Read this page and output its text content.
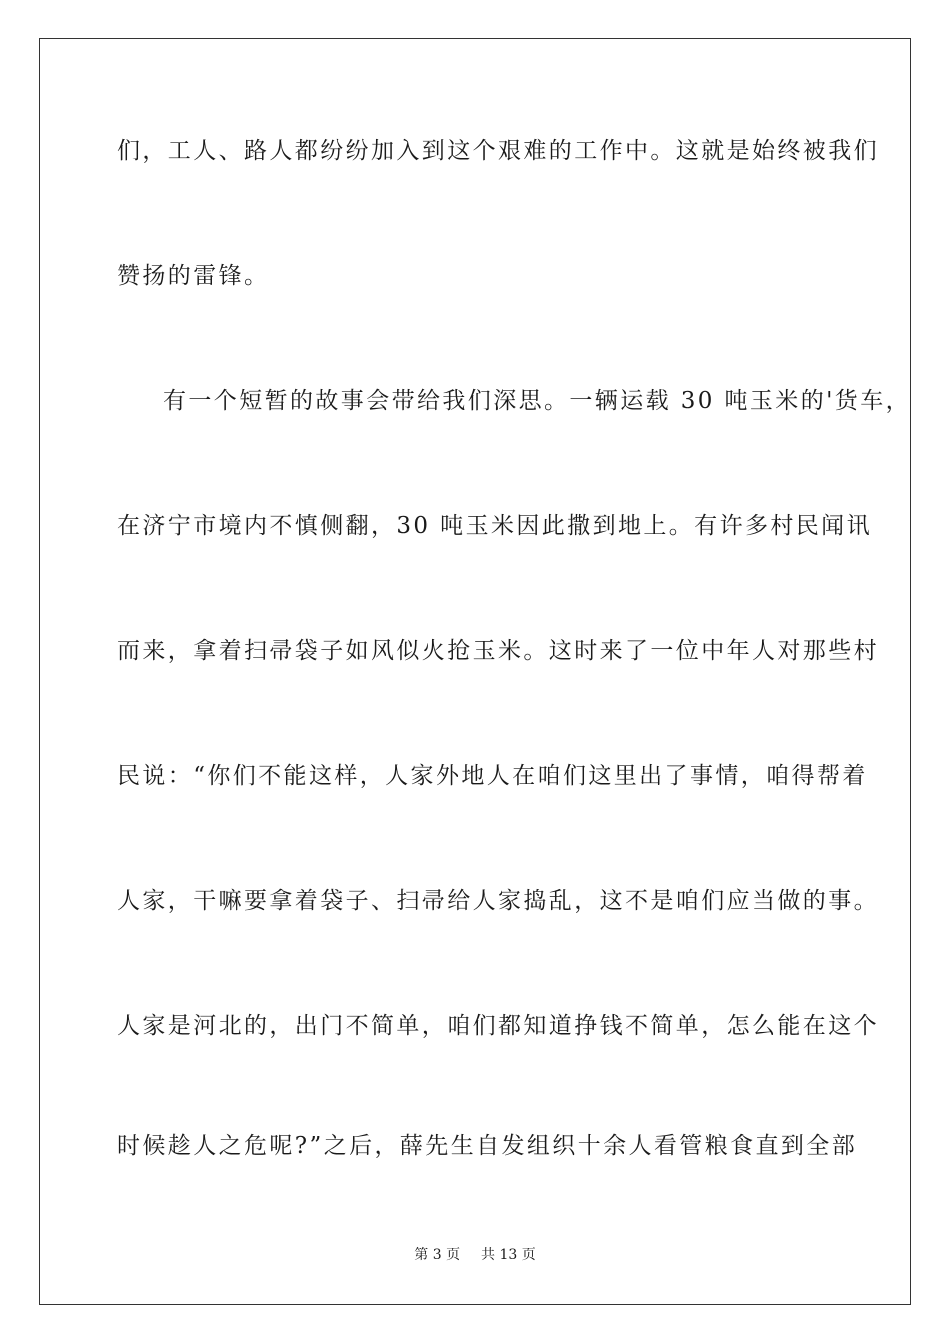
们，工人、路人都纷纷加入到这个艰难的工作中。这就是始终被我们
赞扬的雷锋。
有一个短暂的故事会带给我们深思。一辆运载 30 吨玉米的'货车，
在济宁市境内不慎侧翻，30 吨玉米因此撒到地上。有许多村民闻讯
而来，拿着扫帚袋子如风似火抢玉米。这时来了一位中年人对那些村
民说：“你们不能这样，人家外地人在咱们这里出了事情，咱得帮着
人家，干嘛要拿着袋子、扫帚给人家捣乱，这不是咱们应当做的事。
人家是河北的，出门不简单，咱们都知道挣钱不简单，怎么能在这个
时候趁人之危呢?”之后，薛先生自发组织十余人看管粮食直到全部
第 3 页 共 13 页
